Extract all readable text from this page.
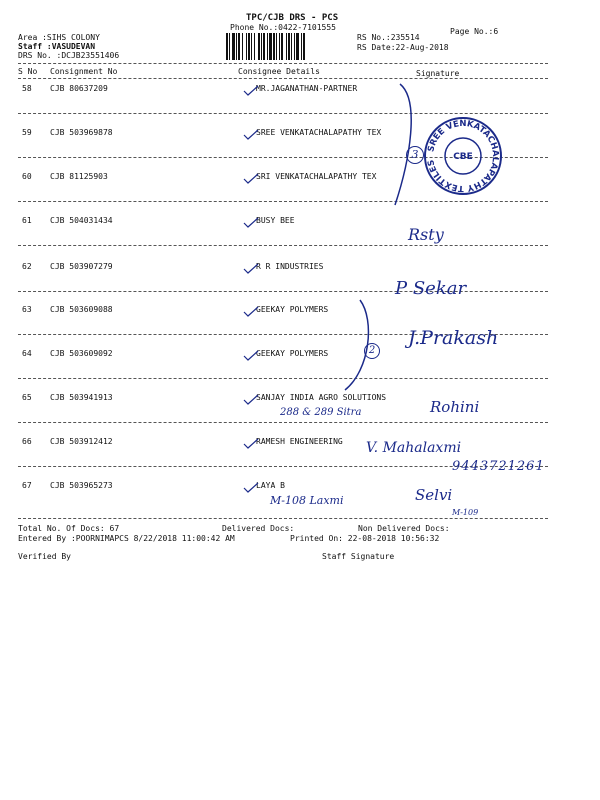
TPC/CJB DRS - PCS
Phone No.:0422-7101555	Page No.:6
Area :SIHS COLONY
Staff :VASUDEVAN
DRS No. :DCJB23551406
RS No.:235514
RS Date:22-Aug-2018
S No Consignment No	Consignee Details	Signature
58 CJB 80637209	MR.JAGANATHAN-PARTNER
59 CJB 503969878	SREE VENKATACHALAPATHY TEX
60 CJB 81125903	SRI VENKATACHALAPATHY TEX
61 CJB 504031434	BUSY BEE
62 CJB 503907279	R R INDUSTRIES
63 CJB 503609088	GEEKAY POLYMERS
64 CJB 503609092	GEEKAY POLYMERS
65 CJB 503941913	SANJAY INDIA AGRO SOLUTIONS
66 CJB 503912412	RAMESH ENGINEERING
67 CJB 503965273	LAYA B
3
2
SREE VENKATACHALAPATHY TEXTILES
CBE
Rsty
P Sekar
J.Prakash
288 & 289 Sitra	Rohini
V. Mahalaxmi
9443721261
M-108 Laxmi	Selvi
M-109
Total No. Of Docs: 67	Delivered Docs:	Non Delivered Docs:
Entered By :POORNIMAPCS 8/22/2018 11:00:42 AM	Printed On: 22-08-2018 10:56:32
Verified By	Staff Signature
